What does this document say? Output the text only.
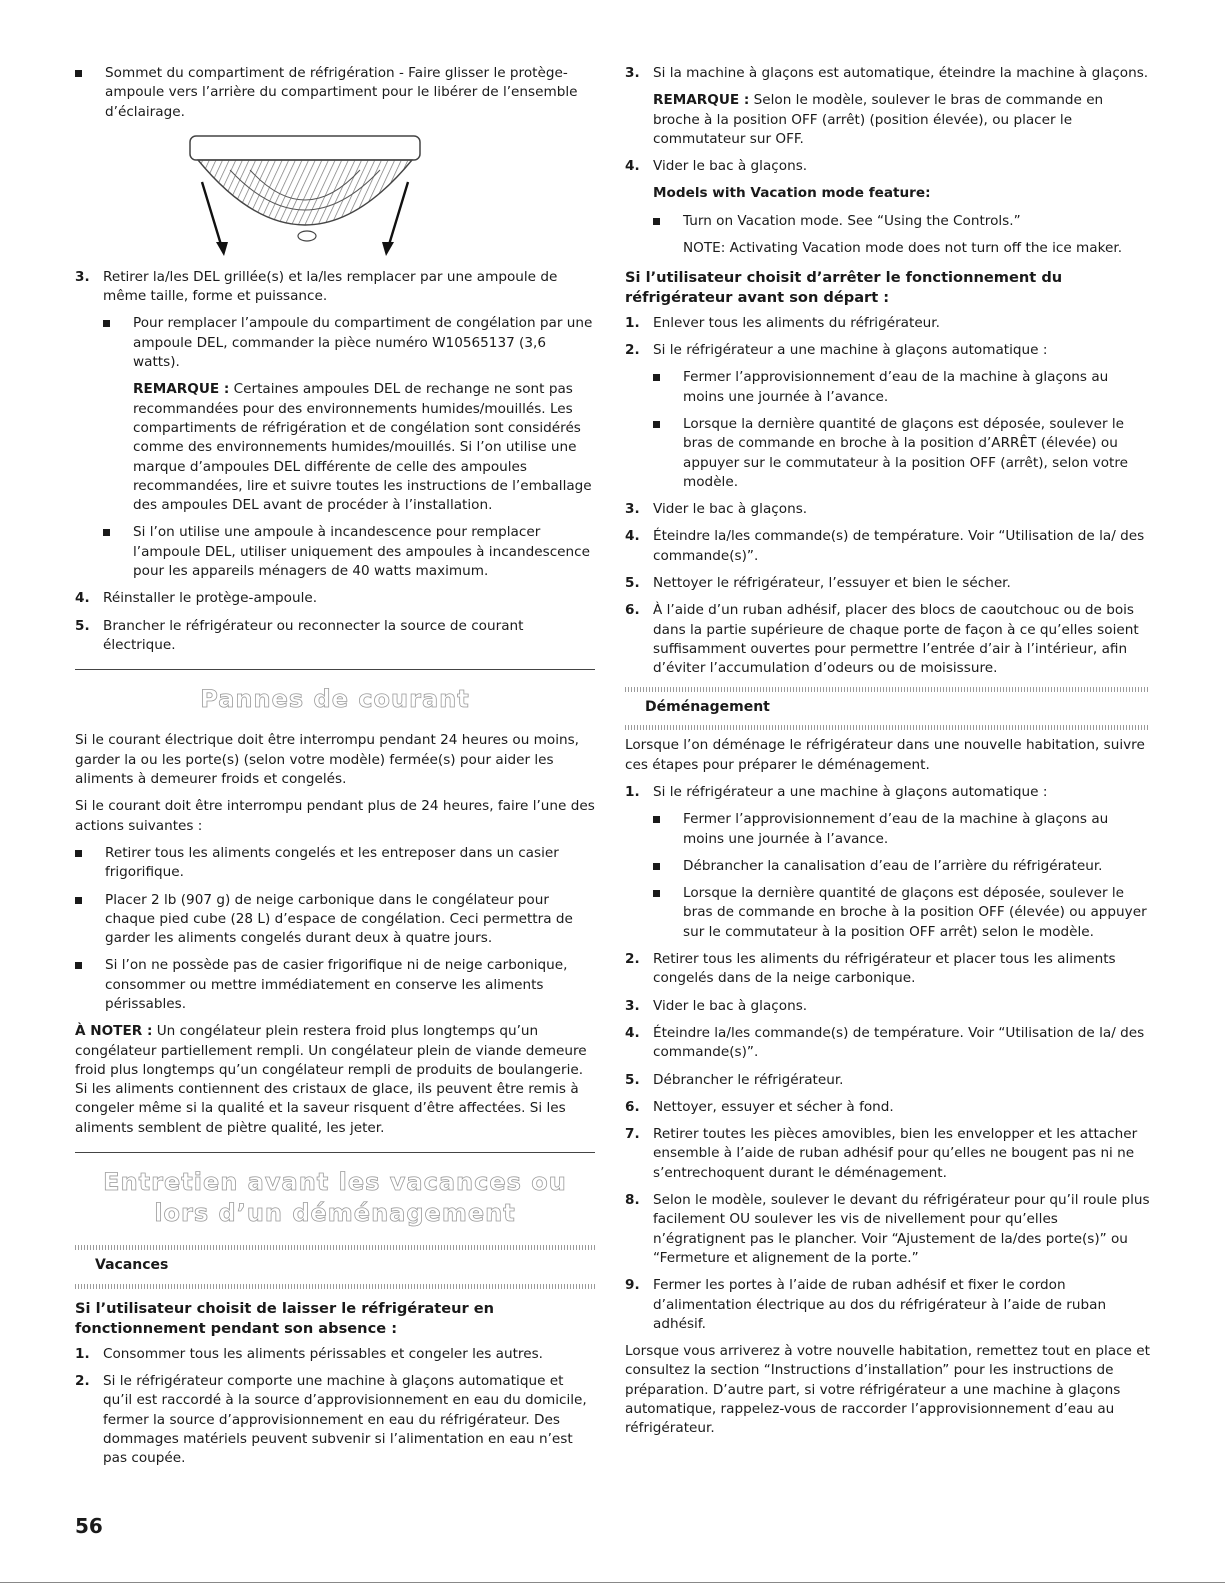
Sommet du compartiment de réfrigération - Faire glisser le protège-ampoule vers l’arrière du compartiment pour le libérer de l’ensemble d’éclairage.
3. Retirer la/les DEL grillée(s) et la/les remplacer par une ampoule de même taille, forme et puissance.
Pour remplacer l’ampoule du compartiment de congélation par une ampoule DEL, commander la pièce numéro W10565137 (3,6 watts).

REMARQUE : Certaines ampoules DEL de rechange ne sont pas recommandées pour des environnements humides/mouillés. Les compartiments de réfrigération et de congélation sont considérés comme des environnements humides/mouillés. Si l’on utilise une marque d’ampoules DEL différente de celle des ampoules recommandées, lire et suivre toutes les instructions de l’emballage des ampoules DEL avant de procéder à l’installation.

Si l’on utilise une ampoule à incandescence pour remplacer l’ampoule DEL, utiliser uniquement des ampoules à incandescence pour les appareils ménagers de 40 watts maximum.
4. Réinstaller le protège-ampoule.
5. Brancher le réfrigérateur ou reconnecter la source de courant électrique.
Pannes de courant

Si le courant électrique doit être interrompu pendant 24 heures ou moins, garder la ou les porte(s) (selon votre modèle) fermée(s) pour aider les aliments à demeurer froids et congelés.

Si le courant doit être interrompu pendant plus de 24 heures, faire l’une des actions suivantes :

Retirer tous les aliments congelés et les entreposer dans un casier frigorifique.
Placer 2 lb (907 g) de neige carbonique dans le congélateur pour chaque pied cube (28 L) d’espace de congélation. Ceci permettra de garder les aliments congelés durant deux à quatre jours.
Si l’on ne possède pas de casier frigorifique ni de neige carbonique, consommer ou mettre immédiatement en conserve les aliments périssables.

À NOTER : Un congélateur plein restera froid plus longtemps qu’un congélateur partiellement rempli. Un congélateur plein de viande demeure froid plus longtemps qu’un congélateur rempli de produits de boulangerie. Si les aliments contiennent des cristaux de glace, ils peuvent être remis à congeler même si la qualité et la saveur risquent d’être affectées. Si les aliments semblent de piètre qualité, les jeter.

Entretien avant les vacances ou
lors d’un déménagement
Vacances
Si l’utilisateur choisit de laisser le réfrigérateur en fonctionnement pendant son absence :
1. Consommer tous les aliments périssables et congeler les autres.
2. Si le réfrigérateur comporte une machine à glaçons automatique et qu’il est raccordé à la source d’approvisionnement en eau du domicile, fermer la source d’approvisionnement en eau du réfrigérateur. Des dommages matériels peuvent subvenir si l’alimentation en eau n’est pas coupée.
3. Si la machine à glaçons est automatique, éteindre la machine à glaçons.

REMARQUE : Selon le modèle, soulever le bras de commande en broche à la position OFF (arrêt) (position élevée), ou placer le commutateur sur OFF.

4. Vider le bac à glaçons.

Models with Vacation mode feature:

Turn on Vacation mode. See “Using the Controls.”

NOTE: Activating Vacation mode does not turn off the ice maker.

Si l’utilisateur choisit d’arrêter le fonctionnement du réfrigérateur avant son départ :
1. Enlever tous les aliments du réfrigérateur.
2. Si le réfrigérateur a une machine à glaçons automatique :
Fermer l’approvisionnement d’eau de la machine à glaçons au moins une journée à l’avance.
Lorsque la dernière quantité de glaçons est déposée, soulever le bras de commande en broche à la position d’ARRÊT (élevée) ou appuyer sur le commutateur à la position OFF (arrêt), selon votre modèle.
3. Vider le bac à glaçons.
4. Éteindre la/les commande(s) de température. Voir “Utilisation de la/ des commande(s)”.
5. Nettoyer le réfrigérateur, l’essuyer et bien le sécher.
6. À l’aide d’un ruban adhésif, placer des blocs de caoutchouc ou de bois dans la partie supérieure de chaque porte de façon à ce qu’elles soient suffisamment ouvertes pour permettre l’entrée d’air à l’intérieur, afin d’éviter l’accumulation d’odeurs ou de moisissure.
Déménagement

Lorsque l’on déménage le réfrigérateur dans une nouvelle habitation, suivre ces étapes pour préparer le déménagement.

1. Si le réfrigérateur a une machine à glaçons automatique :
Fermer l’approvisionnement d’eau de la machine à glaçons au moins une journée à l’avance.
Débrancher la canalisation d’eau de l’arrière du réfrigérateur.
Lorsque la dernière quantité de glaçons est déposée, soulever le bras de commande en broche à la position OFF (élevée) ou appuyer sur le commutateur à la position OFF arrêt) selon le modèle.
2. Retirer tous les aliments du réfrigérateur et placer tous les aliments congelés dans de la neige carbonique.
3. Vider le bac à glaçons.
4. Éteindre la/les commande(s) de température. Voir “Utilisation de la/ des commande(s)”.
5. Débrancher le réfrigérateur.
6. Nettoyer, essuyer et sécher à fond.
7. Retirer toutes les pièces amovibles, bien les envelopper et les attacher ensemble à l’aide de ruban adhésif pour qu’elles ne bougent pas ni ne s’entrechoquent durant le déménagement.
8. Selon le modèle, soulever le devant du réfrigérateur pour qu’il roule plus facilement OU soulever les vis de nivellement pour qu’elles n’égratignent pas le plancher. Voir “Ajustement de la/des porte(s)” ou “Fermeture et alignement de la porte.”
9. Fermer les portes à l’aide de ruban adhésif et fixer le cordon d’alimentation électrique au dos du réfrigérateur à l’aide de ruban adhésif.

Lorsque vous arriverez à votre nouvelle habitation, remettez tout en place et consultez la section “Instructions d’installation” pour les instructions de préparation. D’autre part, si votre réfrigérateur a une machine à glaçons automatique, rappelez-vous de raccorder l’approvisionnement d’eau au réfrigérateur.

56
